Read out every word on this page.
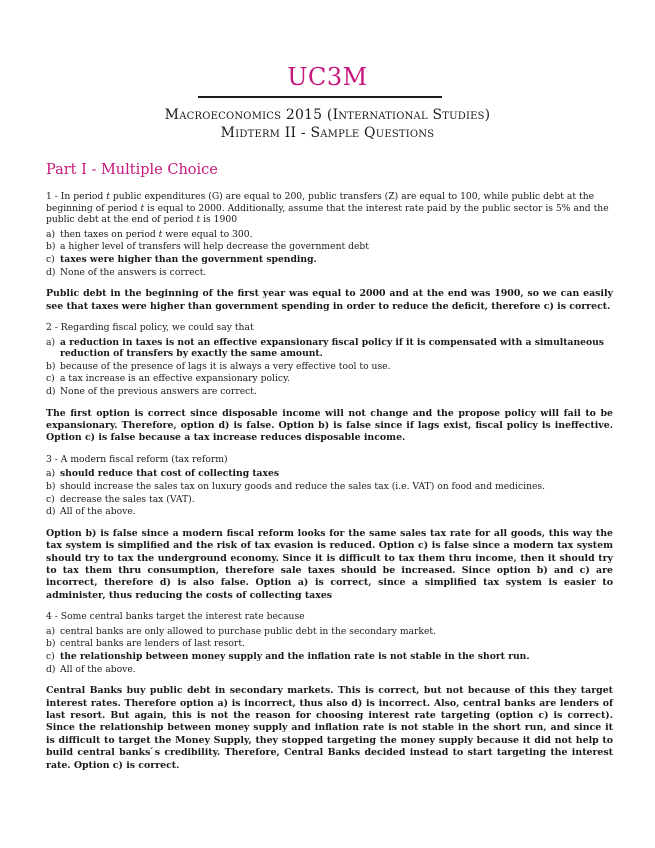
UC3M
Macroeconomics 2015 (International Studies)
Midterm II - Sample Questions
Part I - Multiple Choice

1 - In period t public expenditures (G) are equal to 200, public transfers (Z) are equal to 100, while public debt at the beginning of period t is equal to 2000. Additionally, assume that the interest rate paid by the public sector is 5% and the public debt at the end of period t is 1900

a) then taxes on period t were equal to 300.
b) a higher level of transfers will help decrease the government debt
c) taxes were higher than the government spending.
d) None of the answers is correct.

Public debt in the beginning of the first year was equal to 2000 and at the end was 1900, so we can easily see that taxes were higher than government spending in order to reduce the deficit, therefore c) is correct.

2 - Regarding fiscal policy, we could say that

a) a reduction in taxes is not an effective expansionary fiscal policy if it is compensated with a simultaneous reduction of transfers by exactly the same amount.
b) because of the presence of lags it is always a very effective tool to use.
c) a tax increase is an effective expansionary policy.
d) None of the previous answers are correct.

The first option is correct since disposable income will not change and the propose policy will fail to be expansionary. Therefore, option d) is false. Option b) is false since if lags exist, fiscal policy is ineffective. Option c) is false because a tax increase reduces disposable income.

3 - A modern fiscal reform (tax reform)

a) should reduce that cost of collecting taxes
b) should increase the sales tax on luxury goods and reduce the sales tax (i.e. VAT) on food and medicines.
c) decrease the sales tax (VAT).
d) All of the above.

Option b) is false since a modern fiscal reform looks for the same sales tax rate for all goods, this way the tax system is simplified and the risk of tax evasion is reduced. Option c) is false since a modern tax system should try to tax the underground economy. Since it is difficult to tax them thru income, then it should try to tax them thru consumption, therefore sale taxes should be increased. Since option b) and c) are incorrect, therefore d) is also false. Option a) is correct, since a simplified tax system is easier to administer, thus reducing the costs of collecting taxes

4 - Some central banks target the interest rate because

a) central banks are only allowed to purchase public debt in the secondary market.
b) central banks are lenders of last resort.
c) the relationship between money supply and the inflation rate is not stable in the short run.
d) All of the above.

Central Banks buy public debt in secondary markets. This is correct, but not because of this they target interest rates. Therefore option a) is incorrect, thus also d) is incorrect. Also, central banks are lenders of last resort. But again, this is not the reason for choosing interest rate targeting (option c) is correct). Since the relationship between money supply and inflation rate is not stable in the short run, and since it is difficult to target the Money Supply, they stopped targeting the money supply because it did not help to build central banks ́s credibility. Therefore, Central Banks decided instead to start targeting the interest rate. Option c) is correct.
